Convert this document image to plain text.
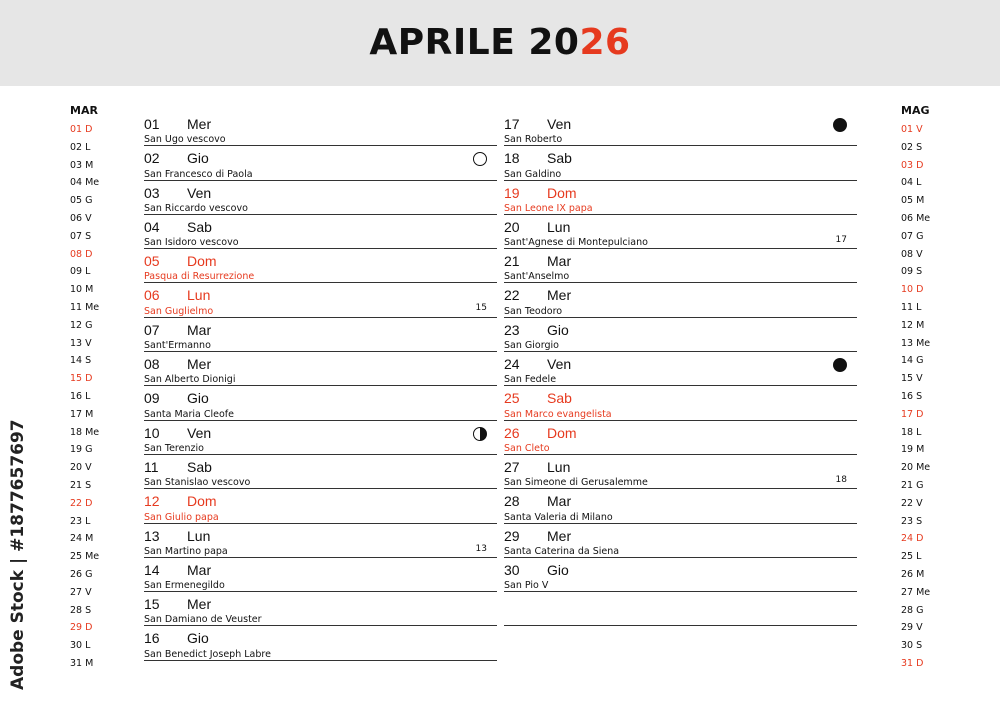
APRILE 2026
MAR
01 D
02 L
03 M
04 Me
05 G
06 V
07 S
08 D
09 L
10 M
11 Me
12 G
13 V
14 S
15 D
16 L
17 M
18 Me
19 G
20 V
21 S
22 D
23 L
24 M
25 Me
26 G
27 V
28 S
29 D
30 L
31 M
MAG
01 V
02 S
03 D
04 L
05 M
06 Me
07 G
08 V
09 S
10 D
11 L
12 M
13 Me
14 G
15 V
16 S
17 D
18 L
19 M
20 Me
21 G
22 V
23 S
24 D
25 L
26 M
27 Me
28 G
29 V
30 S
31 D
01	Mer
San Ugo vescovo
02	Gio
San Francesco di Paola
03	Ven
San Riccardo vescovo
04	Sab
San Isidoro vescovo
05	Dom
Pasqua di Resurrezione
06	Lun
San Guglielmo	15
07	Mar
Sant'Ermanno
08	Mer
San Alberto Dionigi
09	Gio
Santa Maria Cleofe
10	Ven
San Terenzio
11	Sab
San Stanislao vescovo
12	Dom
San Giulio papa
13	Lun
San Martino papa	13
14	Mar
San Ermenegildo
15	Mer
San Damiano de Veuster
16	Gio
San Benedict Joseph Labre
17	Ven
San Roberto
18	Sab
San Galdino
19	Dom
San Leone IX papa
20	Lun
Sant'Agnese di Montepulciano	17
21	Mar
Sant'Anselmo
22	Mer
San Teodoro
23	Gio
San Giorgio
24	Ven
San Fedele
25	Sab
San Marco evangelista
26	Dom
San Cleto
27	Lun
San Simeone di Gerusalemme	18
28	Mar
Santa Valeria di Milano
29	Mer
Santa Caterina da Siena
30	Gio
San Pio V
Adobe Stock | #1877657697
